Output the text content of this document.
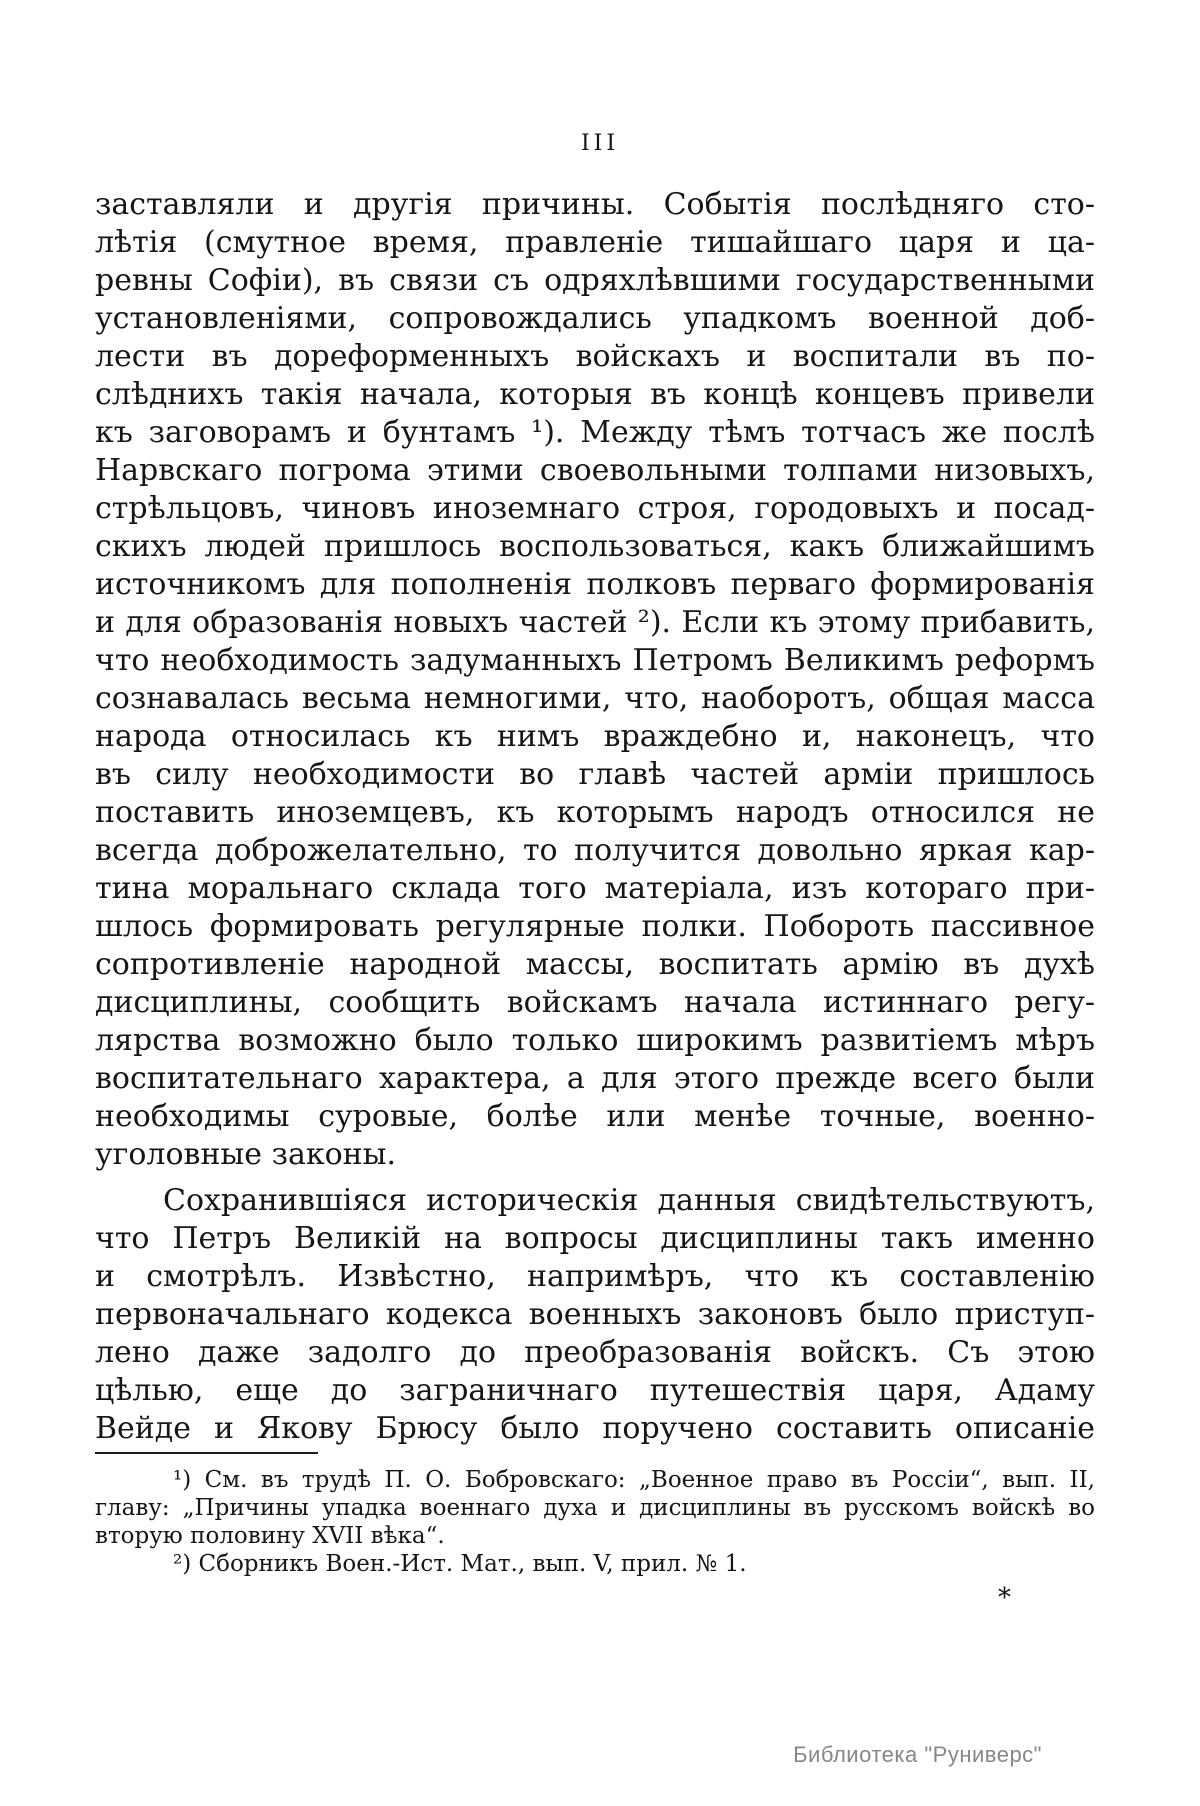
III
заставляли и другія причины. Событія послѣдняго сто-
лѣтія (смутное время, правленіе тишайшаго царя и ца-
ревны Софіи), въ связи съ одряхлѣвшими государственными
установленіями, сопровождались упадкомъ военной доб-
лести въ дореформенныхъ войскахъ и воспитали въ по-
слѣднихъ такія начала, которыя въ концѣ концевъ привели
къ заговорамъ и бунтамъ ¹). Между тѣмъ тотчасъ же послѣ
Нарвскаго погрома этими своевольными толпами низовыхъ,
стрѣльцовъ, чиновъ иноземнаго строя, городовыхъ и посад-
скихъ людей пришлось воспользоваться, какъ ближайшимъ
источникомъ для пополненія полковъ перваго формированія
и для образованія новыхъ частей ²). Если къ этому прибавить,
что необходимость задуманныхъ Петромъ Великимъ реформъ
сознавалась весьма немногими, что, наоборотъ, общая масса
народа относилась къ нимъ враждебно и, наконецъ, что
въ силу необходимости во главѣ частей арміи пришлось
поставить иноземцевъ, къ которымъ народъ относился не
всегда доброжелательно, то получится довольно яркая кар-
тина моральнаго склада того матеріала, изъ котораго при-
шлось формировать регулярные полки. Побороть пассивное
сопротивленіе народной массы, воспитать армію въ духѣ
дисциплины, сообщить войскамъ начала истиннаго регу-
лярства возможно было только широкимъ развитіемъ мѣръ
воспитательнаго характера, а для этого прежде всего были
необходимы суровые, болѣе или менѣе точные, военно-
уголовные законы.
Сохранившіяся историческія данныя свидѣтельствуютъ,
что Петръ Великій на вопросы дисциплины такъ именно
и смотрѣлъ. Извѣстно, напримѣръ, что къ составленію
первоначальнаго кодекса военныхъ законовъ было приступ-
лено даже задолго до преобразованія войскъ. Съ этою
цѣлью, еще до заграничнаго путешествія царя, Адаму
Вейде и Якову Брюсу было поручено составить описаніе
¹) См. въ трудѣ П. О. Бобровскаго: „Военное право въ Россіи“, вып. II,
главу: „Причины упадка военнаго духа и дисциплины въ русскомъ войскѣ во
вторую половину XVII вѣка“.
²) Сборникъ Воен.-Ист. Мат., вып. V, прил. № 1.
*
Библиотека "Руниверс"
